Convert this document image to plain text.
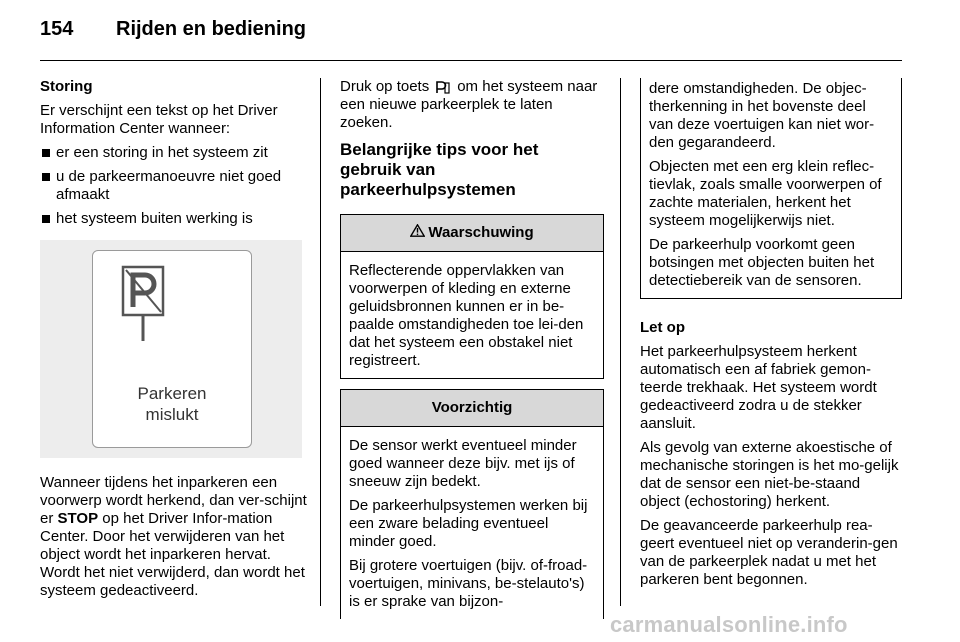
154 Rijden en bediening

Storing

Er verschijnt een tekst op het Driver Information Center wanneer:

er een storing in het systeem zit
u de parkeermanoeuvre niet goed afmaakt
het systeem buiten werking is
Parkeren
mislukt

Wanneer tijdens het inparkeren een voorwerp wordt herkend, dan ver-schijnt er STOP op het Driver Infor-mation Center. Door het verwijderen van het object wordt het inparkeren hervat. Wordt het niet verwijderd, dan wordt het systeem gedeactiveerd.

Druk op toets om het systeem naar een nieuwe parkeerplek te laten zoeken.

Belangrijke tips voor het gebruik van parkeerhulpsystemen
Waarschuwing

Reflecterende oppervlakken van voorwerpen of kleding en externe geluidsbronnen kunnen er in be-paalde omstandigheden toe lei-den dat het systeem een obstakel niet registreert.

Voorzichtig

De sensor werkt eventueel minder goed wanneer deze bijv. met ijs of sneeuw zijn bedekt.

De parkeerhulpsystemen werken bij een zware belading eventueel minder goed.

Bij grotere voertuigen (bijv. of-froad-voertuigen, minivans, be-stelauto's) is er sprake van bijzon-

dere omstandigheden. De objec-therkenning in het bovenste deel van deze voertuigen kan niet wor-den gegarandeerd.

Objecten met een erg klein reflec-tievlak, zoals smalle voorwerpen of zachte materialen, herkent het systeem mogelijkerwijs niet.

De parkeerhulp voorkomt geen botsingen met objecten buiten het detectiebereik van de sensoren.

Let op

Het parkeerhulpsysteem herkent automatisch een af fabriek gemon-teerde trekhaak. Het systeem wordt gedeactiveerd zodra u de stekker aansluit.

Als gevolg van externe akoestische of mechanische storingen is het mo-gelijk dat de sensor een niet-be-staand object (echostoring) herkent.

De geavanceerde parkeerhulp rea-geert eventueel niet op veranderin-gen van de parkeerplek nadat u met het parkeren bent begonnen.

carmanualsonline.info
